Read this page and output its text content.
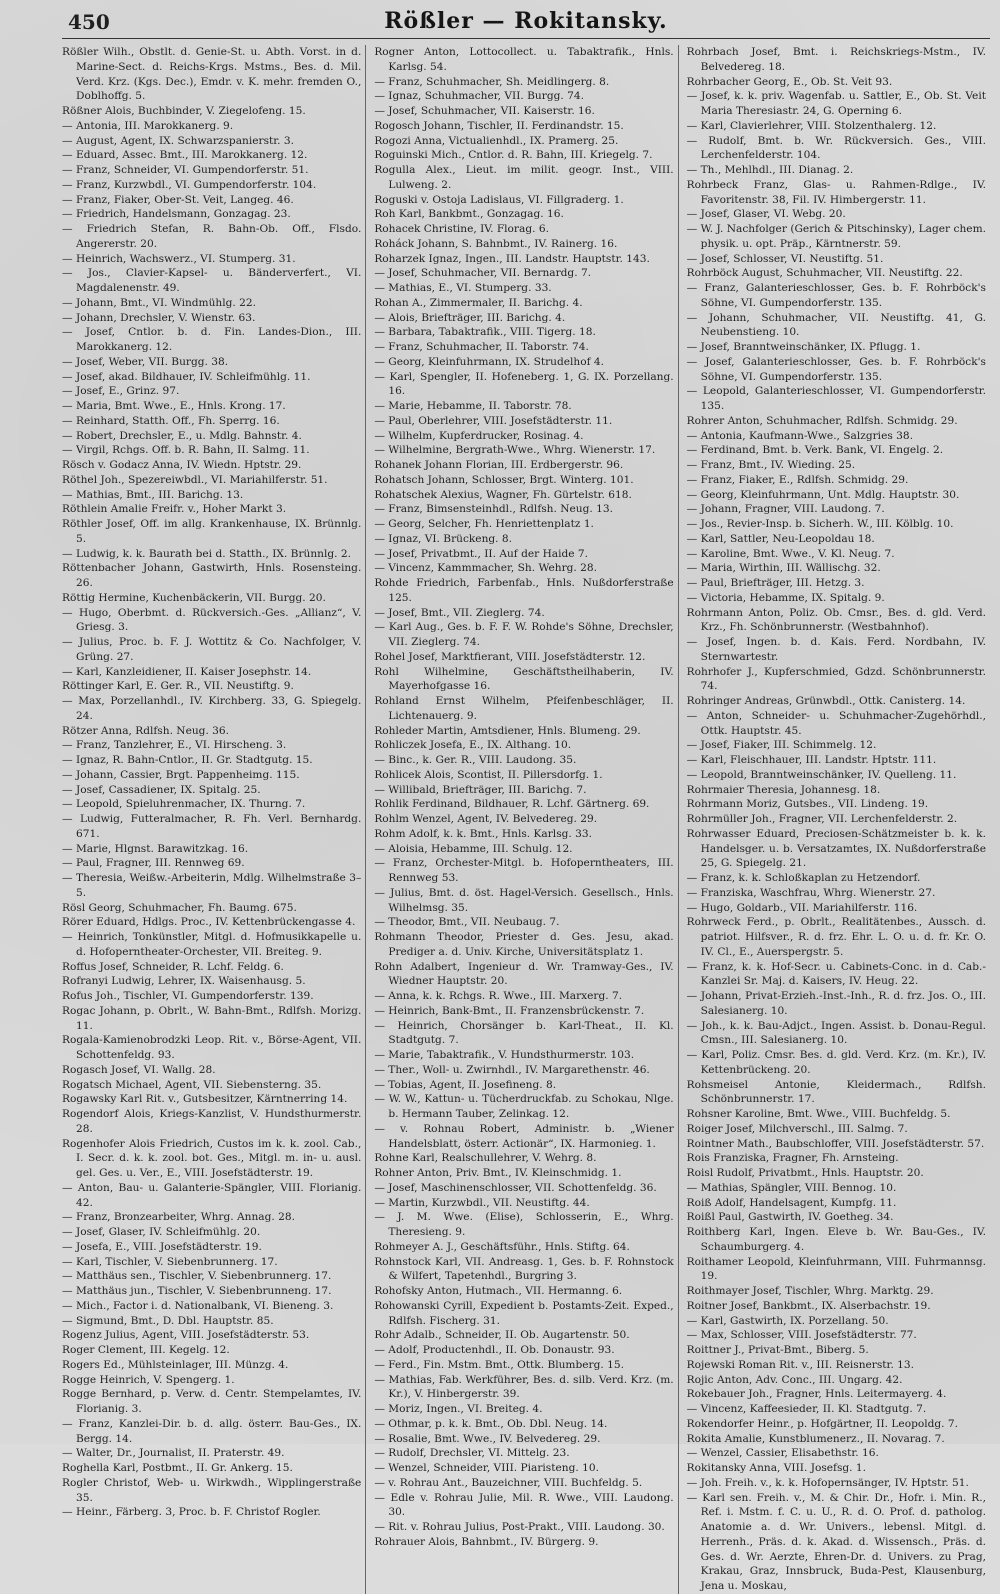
450	Rößler — Rokitansky.
Rößler Wilh., Obstlt. d. Genie-St. u. Abth. Vorst. in d. Marine-Sect. d. Reichs-Krgs. Mstms., Bes. d. Mil. Verd. Krz. (Kgs. Dec.), Emdr. v. K. mehr. fremden O., Doblhoffg. 5.
Rößner Alois, Buchbinder, V. Ziegelofeng. 15.
— Antonia, III. Marokkanerg. 9.
— August, Agent, IX. Schwarzspanierstr. 3.
— Eduard, Assec. Bmt., III. Marokkanerg. 12.
— Franz, Schneider, VI. Gumpendorferstr. 51.
— Franz, Kurzwbdl., VI. Gumpendorferstr. 104.
— Franz, Fiaker, Ober-St. Veit, Langeg. 46.
— Friedrich, Handelsmann, Gonzagag. 23.
— Friedrich Stefan, R. Bahn-Ob. Off., Flsdo. Angererstr. 20.
— Heinrich, Wachswerz., VI. Stumperg. 31.
— Jos., Clavier-Kapsel- u. Bänderverfert., VI. Magdalenenstr. 49.
— Johann, Bmt., VI. Windmühlg. 22.
— Johann, Drechsler, V. Wienstr. 63.
— Josef, Cntlor. b. d. Fin. Landes-Dion., III. Marokkanerg. 12.
— Josef, Weber, VII. Burgg. 38.
— Josef, akad. Bildhauer, IV. Schleifmühlg. 11.
— Josef, E., Grinz. 97.
— Maria, Bmt. Wwe., E., Hnls. Krong. 17.
— Reinhard, Statth. Off., Fh. Sperrg. 16.
— Robert, Drechsler, E., u. Mdlg. Bahnstr. 4.
— Virgil, Rchgs. Off. b. R. Bahn, II. Salmg. 11.
Rösch v. Godacz Anna, IV. Wiedn. Hptstr. 29.
Röthel Joh., Spezereiwbdl., VI. Mariahilferstr. 51.
— Mathias, Bmt., III. Barichg. 13.
Röthlein Amalie Freifr. v., Hoher Markt 3.
Röthler Josef, Off. im allg. Krankenhause, IX. Brünnlg. 5.
— Ludwig, k. k. Baurath bei d. Statth., IX. Brünnlg. 2.
Röttenbacher Johann, Gastwirth, Hnls. Rosensteing. 26.
Röttig Hermine, Kuchenbäckerin, VII. Burgg. 20.
— Hugo, Oberbmt. d. Rückversich.-Ges. „Allianz“, V. Griesg. 3.
— Julius, Proc. b. F. J. Wottitz & Co. Nachfolger, V. Grüng. 27.
— Karl, Kanzleidiener, II. Kaiser Josephstr. 14.
Röttinger Karl, E. Ger. R., VII. Neustiftg. 9.
— Max, Porzellanhdl., IV. Kirchberg. 33, G. Spiegelg. 24.
Rötzer Anna, Rdlfsh. Neug. 36.
— Franz, Tanzlehrer, E., VI. Hirscheng. 3.
— Ignaz, R. Bahn-Cntlor., II. Gr. Stadtgutg. 15.
— Johann, Cassier, Brgt. Pappenheimg. 115.
— Josef, Cassadiener, IX. Spitalg. 25.
— Leopold, Spieluhrenmacher, IX. Thurng. 7.
— Ludwig, Futteralmacher, R. Fh. Verl. Bernhardg. 671.
— Marie, Hlgnst. Barawitzkag. 16.
— Paul, Fragner, III. Rennweg 69.
— Theresia, Weißw.-Arbeiterin, Mdlg. Wilhelmstraße 3–5.
Rösl Georg, Schuhmacher, Fh. Baumg. 675.
Rörer Eduard, Hdlgs. Proc., IV. Kettenbrückengasse 4.
— Heinrich, Tonkünstler, Mitgl. d. Hofmusikkapelle u. d. Hofoperntheater-Orchester, VII. Breiteg. 9.
Roffus Josef, Schneider, R. Lchf. Feldg. 6.
Rofranyi Ludwig, Lehrer, IX. Waisenhausg. 5.
Rofus Joh., Tischler, VI. Gumpendorferstr. 139.
Rogac Johann, p. Obrlt., W. Bahn-Bmt., Rdlfsh. Morizg. 11.
Rogala-Kamienobrodzki Leop. Rit. v., Börse-Agent, VII. Schottenfeldg. 93.
Rogasch Josef, VI. Wallg. 28.
Rogatsch Michael, Agent, VII. Siebensterng. 35.
Rogawsky Karl Rit. v., Gutsbesitzer, Kärntnerring 14.
Rogendorf Alois, Kriegs-Kanzlist, V. Hundsthurmerstr. 28.
Rogenhofer Alois Friedrich, Custos im k. k. zool. Cab., I. Secr. d. k. k. zool. bot. Ges., Mitgl. m. in- u. ausl. gel. Ges. u. Ver., E., VIII. Josefstädterstr. 19.
— Anton, Bau- u. Galanterie-Spängler, VIII. Florianig. 42.
— Franz, Bronzearbeiter, Whrg. Annag. 28.
— Josef, Glaser, IV. Schleifmühlg. 20.
— Josefa, E., VIII. Josefstädterstr. 19.
— Karl, Tischler, V. Siebenbrunnerg. 17.
— Matthäus sen., Tischler, V. Siebenbrunnerg. 17.
— Matthäus jun., Tischler, V. Siebenbrunneng. 17.
— Mich., Factor i. d. Nationalbank, VI. Bieneng. 3.
— Sigmund, Bmt., D. Dbl. Hauptstr. 85.
Rogenz Julius, Agent, VIII. Josefstädterstr. 53.
Roger Clement, III. Kegelg. 12.
Rogers Ed., Mühlsteinlager, III. Münzg. 4.
Rogge Heinrich, V. Spengerg. 1.
Rogge Bernhard, p. Verw. d. Centr. Stempelamtes, IV. Florianig. 3.
— Franz, Kanzlei-Dir. b. d. allg. österr. Bau-Ges., IX. Bergg. 14.
— Walter, Dr., Journalist, II. Praterstr. 49.
Roghella Karl, Postbmt., II. Gr. Ankerg. 15.
Rogler Christof, Web- u. Wirkwdh., Wipplingerstraße 35.
— Heinr., Färberg. 3, Proc. b. F. Christof Rogler.
Rogner Anton, Lottocollect. u. Tabaktrafik., Hnls. Karlsg. 54.
— Franz, Schuhmacher, Sh. Meidlingerg. 8.
— Ignaz, Schuhmacher, VII. Burgg. 74.
— Josef, Schuhmacher, VII. Kaiserstr. 16.
Rogosch Johann, Tischler, II. Ferdinandstr. 15.
Rogozi Anna, Victualienhdl., IX. Pramerg. 25.
Roguinski Mich., Cntlor. d. R. Bahn, III. Kriegelg. 7.
Rogulla Alex., Lieut. im milit. geogr. Inst., VIII. Lulweng. 2.
Roguski v. Ostoja Ladislaus, VI. Fillgraderg. 1.
Roh Karl, Bankbmt., Gonzagag. 16.
Rohacek Christine, IV. Florag. 6.
Roháck Johann, S. Bahnbmt., IV. Rainerg. 16.
Roharzek Ignaz, Ingen., III. Landstr. Hauptstr. 143.
— Josef, Schuhmacher, VII. Bernardg. 7.
— Mathias, E., VI. Stumperg. 33.
Rohan A., Zimmermaler, II. Barichg. 4.
— Alois, Briefträger, III. Barichg. 4.
— Barbara, Tabaktrafik., VIII. Tigerg. 18.
— Franz, Schuhmacher, II. Taborstr. 74.
— Georg, Kleinfuhrmann, IX. Strudelhof 4.
— Karl, Spengler, II. Hofeneberg. 1, G. IX. Porzellang. 16.
— Marie, Hebamme, II. Taborstr. 78.
— Paul, Oberlehrer, VIII. Josefstädterstr. 11.
— Wilhelm, Kupferdrucker, Rosinag. 4.
— Wilhelmine, Bergrath-Wwe., Whrg. Wienerstr. 17.
Rohanek Johann Florian, III. Erdbergerstr. 96.
Rohatsch Johann, Schlosser, Brgt. Winterg. 101.
Rohatschek Alexius, Wagner, Fh. Gürtelstr. 618.
— Franz, Bimsensteinhdl., Rdlfsh. Neug. 13.
— Georg, Selcher, Fh. Henriettenplatz 1.
— Ignaz, VI. Brückeng. 8.
— Josef, Privatbmt., II. Auf der Haide 7.
— Vincenz, Kammmacher, Sh. Wehrg. 28.
Rohde Friedrich, Farbenfab., Hnls. Nußdorferstraße 125.
— Josef, Bmt., VII. Zieglerg. 74.
— Karl Aug., Ges. b. F. F. W. Rohde's Söhne, Drechsler, VII. Zieglerg. 74.
Rohel Josef, Marktfierant, VIII. Josefstädterstr. 12.
Rohl Wilhelmine, Geschäftstheilhaberin, IV. Mayerhofgasse 16.
Rohland Ernst Wilhelm, Pfeifenbeschläger, II. Lichtenauerg. 9.
Rohleder Martin, Amtsdiener, Hnls. Blumeng. 29.
Rohliczek Josefa, E., IX. Althang. 10.
— Binc., k. Ger. R., VIII. Laudong. 35.
Rohlicek Alois, Scontist, II. Pillersdorfg. 1.
— Willibald, Briefträger, III. Barichg. 7.
Rohlik Ferdinand, Bildhauer, R. Lchf. Gärtnerg. 69.
Rohlm Wenzel, Agent, IV. Belvedereg. 29.
Rohm Adolf, k. k. Bmt., Hnls. Karlsg. 33.
— Aloisia, Hebamme, III. Schulg. 12.
— Franz, Orchester-Mitgl. b. Hofoperntheaters, III. Rennweg 53.
— Julius, Bmt. d. öst. Hagel-Versich. Gesellsch., Hnls. Wilhelmsg. 35.
— Theodor, Bmt., VII. Neubaug. 7.
Rohmann Theodor, Priester d. Ges. Jesu, akad. Prediger a. d. Univ. Kirche, Universitätsplatz 1.
Rohn Adalbert, Ingenieur d. Wr. Tramway-Ges., IV. Wiedner Hauptstr. 20.
— Anna, k. k. Rchgs. R. Wwe., III. Marxerg. 7.
— Heinrich, Bank-Bmt., II. Franzensbrückenstr. 7.
— Heinrich, Chorsänger b. Karl-Theat., II. Kl. Stadtgutg. 7.
— Marie, Tabaktrafik., V. Hundsthurmerstr. 103.
— Ther., Woll- u. Zwirnhdl., IV. Margarethenstr. 46.
— Tobias, Agent, II. Josefineng. 8.
— W. W., Kattun- u. Tücherdruckfab. zu Schokau, Nlge. b. Hermann Tauber, Zelinkag. 12.
— v. Rohnau Robert, Administr. b. „Wiener Handelsblatt, österr. Actionär“, IX. Harmonieg. 1.
Rohne Karl, Realschullehrer, V. Wehrg. 8.
Rohner Anton, Priv. Bmt., IV. Kleinschmidg. 1.
— Josef, Maschinenschlosser, VII. Schottenfeldg. 36.
— Martin, Kurzwbdl., VII. Neustiftg. 44.
— J. M. Wwe. (Elise), Schlosserin, E., Whrg. Theresieng. 9.
Rohmeyer A. J., Geschäftsführ., Hnls. Stiftg. 64.
Rohnstock Karl, VII. Andreasg. 1, Ges. b. F. Rohnstock & Wilfert, Tapetenhdl., Burgring 3.
Rohofsky Anton, Hutmach., VII. Hermanng. 6.
Rohowanski Cyrill, Expedient b. Postamts-Zeit. Exped., Rdlfsh. Fischerg. 31.
Rohr Adalb., Schneider, II. Ob. Augartenstr. 50.
— Adolf, Productenhdl., II. Ob. Donaustr. 93.
— Ferd., Fin. Mstm. Bmt., Ottk. Blumberg. 15.
— Mathias, Fab. Werkführer, Bes. d. silb. Verd. Krz. (m. Kr.), V. Hinbergerstr. 39.
— Moriz, Ingen., VI. Breiteg. 4.
— Othmar, p. k. k. Bmt., Ob. Dbl. Neug. 14.
— Rosalie, Bmt. Wwe., IV. Belvedereg. 29.
— Rudolf, Drechsler, VI. Mittelg. 23.
— Wenzel, Schneider, VIII. Piaristeng. 10.
— v. Rohrau Ant., Bauzeichner, VIII. Buchfeldg. 5.
— Edle v. Rohrau Julie, Mil. R. Wwe., VIII. Laudong. 30.
— Rit. v. Rohrau Julius, Post-Prakt., VIII. Laudong. 30.
Rohrauer Alois, Bahnbmt., IV. Bürgerg. 9.
Rohrbach Josef, Bmt. i. Reichskriegs-Mstm., IV. Belvedereg. 18.
Rohrbacher Georg, E., Ob. St. Veit 93.
— Josef, k. k. priv. Wagenfab. u. Sattler, E., Ob. St. Veit Maria Theresiastr. 24, G. Operning 6.
— Karl, Clavierlehrer, VIII. Stolzenthalerg. 12.
— Rudolf, Bmt. b. Wr. Rückversich. Ges., VIII. Lerchenfelderstr. 104.
— Th., Mehlhdl., III. Dianag. 2.
Rohrbeck Franz, Glas- u. Rahmen-Rdlge., IV. Favoritenstr. 38, Fil. IV. Himbergerstr. 11.
— Josef, Glaser, VI. Webg. 20.
— W. J. Nachfolger (Gerich & Pitschinsky), Lager chem. physik. u. opt. Präp., Kärntnerstr. 59.
— Josef, Schlosser, VI. Neustiftg. 51.
Rohrböck August, Schuhmacher, VII. Neustiftg. 22.
— Franz, Galanterieschlosser, Ges. b. F. Rohrböck's Söhne, VI. Gumpendorferstr. 135.
— Johann, Schuhmacher, VII. Neustiftg. 41, G. Neubenstieng. 10.
— Josef, Branntweinschänker, IX. Pflugg. 1.
— Josef, Galanterieschlosser, Ges. b. F. Rohrböck's Söhne, VI. Gumpendorferstr. 135.
— Leopold, Galanterieschlosser, VI. Gumpendorferstr. 135.
Rohrer Anton, Schuhmacher, Rdlfsh. Schmidg. 29.
— Antonia, Kaufmann-Wwe., Salzgries 38.
— Ferdinand, Bmt. b. Verk. Bank, VI. Engelg. 2.
— Franz, Bmt., IV. Wieding. 25.
— Franz, Fiaker, E., Rdlfsh. Schmidg. 29.
— Georg, Kleinfuhrmann, Unt. Mdlg. Hauptstr. 30.
— Johann, Fragner, VIII. Laudong. 7.
— Jos., Revier-Insp. b. Sicherh. W., III. Kölblg. 10.
— Karl, Sattler, Neu-Leopoldau 18.
— Karoline, Bmt. Wwe., V. Kl. Neug. 7.
— Maria, Wirthin, III. Wällischg. 32.
— Paul, Briefträger, III. Hetzg. 3.
— Victoria, Hebamme, IX. Spitalg. 9.
Rohrmann Anton, Poliz. Ob. Cmsr., Bes. d. gld. Verd. Krz., Fh. Schönbrunnerstr. (Westbahnhof).
— Josef, Ingen. b. d. Kais. Ferd. Nordbahn, IV. Sternwartestr.
Rohrhofer J., Kupferschmied, Gdzd. Schönbrunnerstr. 74.
Rohringer Andreas, Grünwbdl., Ottk. Canisterg. 14.
— Anton, Schneider- u. Schuhmacher-Zugehörhdl., Ottk. Hauptstr. 45.
— Josef, Fiaker, III. Schimmelg. 12.
— Karl, Fleischhauer, III. Landstr. Hptstr. 111.
— Leopold, Branntweinschänker, IV. Quelleng. 11.
Rohrmaier Theresia, Johannesg. 18.
Rohrmann Moriz, Gutsbes., VII. Lindeng. 19.
Rohrmüller Joh., Fragner, VII. Lerchenfelderstr. 2.
Rohrwasser Eduard, Preciosen-Schätzmeister b. k. k. Handelsger. u. b. Versatzamtes, IX. Nußdorferstraße 25, G. Spiegelg. 21.
— Franz, k. k. Schloßkaplan zu Hetzendorf.
— Franziska, Waschfrau, Whrg. Wienerstr. 27.
— Hugo, Goldarb., VII. Mariahilferstr. 116.
Rohrweck Ferd., p. Obrlt., Realitätenbes., Aussch. d. patriot. Hilfsver., R. d. frz. Ehr. L. O. u. d. fr. Kr. O. IV. Cl., E., Auerspergstr. 5.
— Franz, k. k. Hof-Secr. u. Cabinets-Conc. in d. Cab.-Kanzlei Sr. Maj. d. Kaisers, IV. Heug. 22.
— Johann, Privat-Erzieh.-Inst.-Inh., R. d. frz. Jos. O., III. Salesianerg. 10.
— Joh., k. k. Bau-Adjct., Ingen. Assist. b. Donau-Regul. Cmsn., III. Salesianerg. 10.
— Karl, Poliz. Cmsr. Bes. d. gld. Verd. Krz. (m. Kr.), IV. Kettenbrückeng. 20.
Rohsmeisel Antonie, Kleidermach., Rdlfsh. Schönbrunnerstr. 17.
Rohsner Karoline, Bmt. Wwe., VIII. Buchfeldg. 5.
Roiger Josef, Milchverschl., III. Salmg. 7.
Rointner Math., Baubschloffer, VIII. Josefstädterstr. 57.
Rois Franziska, Fragner, Fh. Arnsteing.
Roisl Rudolf, Privatbmt., Hnls. Hauptstr. 20.
— Mathias, Spängler, VIII. Bennog. 10.
Roiß Adolf, Handelsagent, Kumpfg. 11.
Roißl Paul, Gastwirth, IV. Goetheg. 34.
Roithberg Karl, Ingen. Eleve b. Wr. Bau-Ges., IV. Schaumburgerg. 4.
Roithamer Leopold, Kleinfuhrmann, VIII. Fuhrmannsg. 19.
Roithmayer Josef, Tischler, Whrg. Marktg. 29.
Roitner Josef, Bankbmt., IX. Alserbachstr. 19.
— Karl, Gastwirth, IX. Porzellang. 50.
— Max, Schlosser, VIII. Josefstädterstr. 77.
Roittner J., Privat-Bmt., Biberg. 5.
Rojewski Roman Rit. v., III. Reisnerstr. 13.
Rojic Anton, Adv. Conc., III. Ungarg. 42.
Rokebauer Joh., Fragner, Hnls. Leitermayerg. 4.
— Vincenz, Kaffeesieder, II. Kl. Stadtgutg. 7.
Rokendorfer Heinr., p. Hofgärtner, II. Leopoldg. 7.
Rokita Amalie, Kunstblumenerz., II. Novarag. 7.
— Wenzel, Cassier, Elisabethstr. 16.
Rokitansky Anna, VIII. Josefsg. 1.
— Joh. Freih. v., k. k. Hofopernsänger, IV. Hptstr. 51.
— Karl sen. Freih. v., M. & Chir. Dr., Hofr. i. Min. R., Ref. i. Mstm. f. C. u. U., R. d. O. Prof. d. patholog. Anatomie a. d. Wr. Univers., lebensl. Mitgl. d. Herrenh., Präs. d. k. Akad. d. Wissensch., Präs. d. Ges. d. Wr. Aerzte, Ehren-Dr. d. Univers. zu Prag, Krakau, Graz, Innsbruck, Buda-Pest, Klausenburg, Jena u. Moskau,
